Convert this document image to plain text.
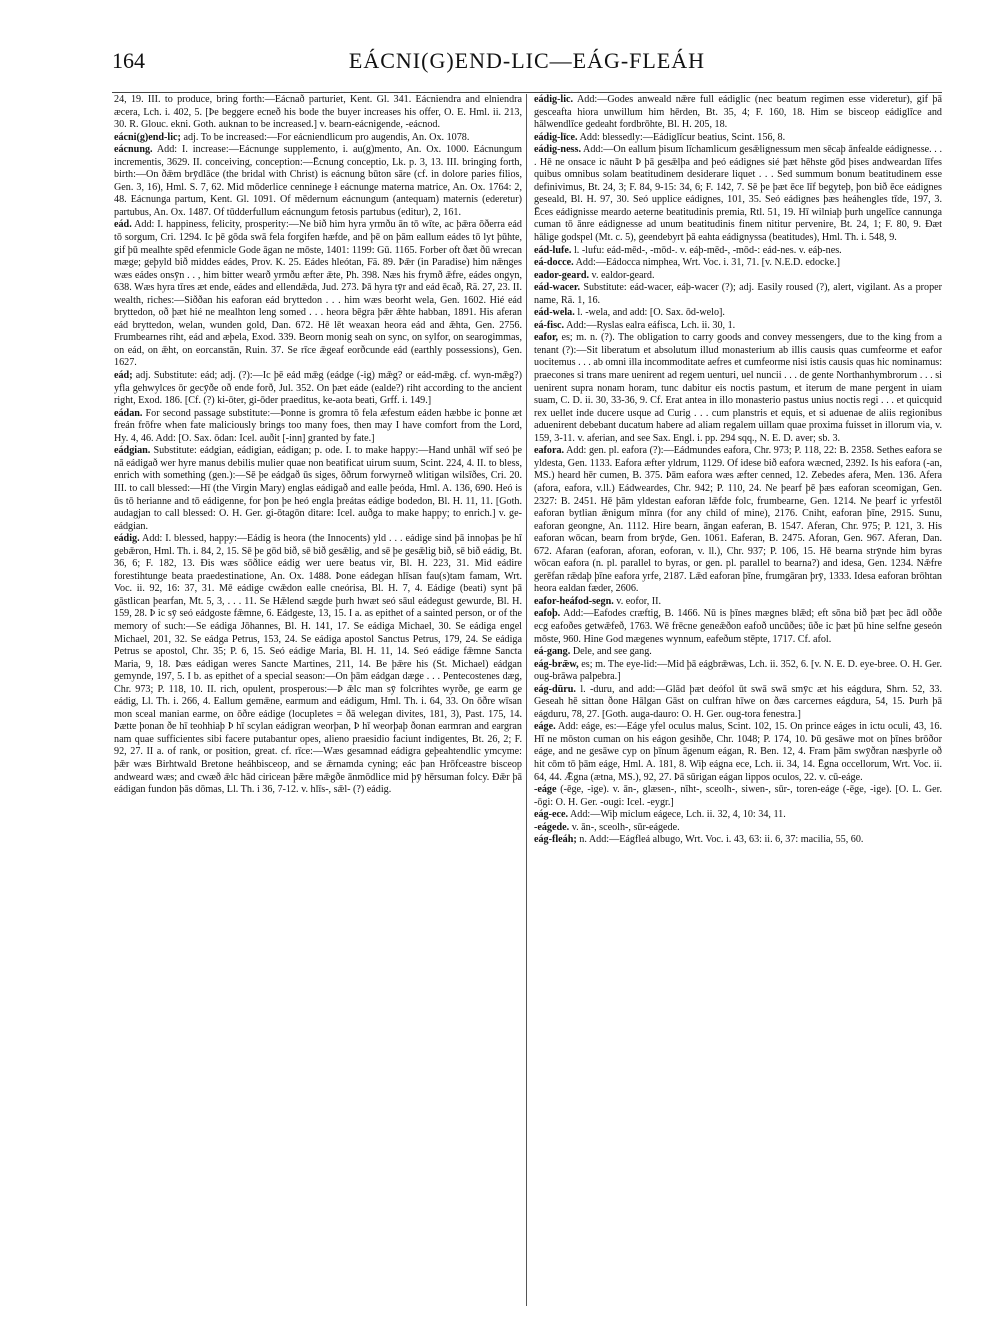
164	EÁCNI(G)END-LIC—EÁG-FLEÁH

24, 19. III. to produce, bring forth:—Eácnað parturiet, Kent. Gl. 341. Eácniendra and elniendra æcera, Lch. i. 402, 5. [Þe beggere ecneð his bode the buyer increases his offer, O. E. Hml. ii. 213, 30. R. Glouc. ekni. Goth. auknan to be increased.] v. bearn-eácnigende, -eácnod.

eácni(g)end-lic; adj. To be increased:—For eácniendlicum pro augendis, An. Ox. 1078.

eácnung. Add: I. increase:—Eácnunge supplemento, i. au(g)mento, An. Ox. 1000. Eácnungum incrementis, 3629. II. conceiving, conception:—Ēcnung conceptio, Lk. p. 3, 13. III. bringing forth, birth:—On ðǣm brȳdlāce (the bridal with Christ) is eácnung būton sāre (cf. in dolore paries filios, Gen. 3, 16), Hml. S. 7, 62. Mid mōderlice cenninege ł eácnunge materna matrice, An. Ox. 1764: 2, 48. Eácnunga partum, Kent. Gl. 1091. Of mēdernum eácnungum (antequam) maternis (ederetur) partubus, An. Ox. 1487. Of tūdderfullum eácnungum fetosis partubus (editur), 2, 161.

eád. Add: I. happiness, felicity, prosperity:—Ne bið him hyra yrmðu ān tō wīte, ac þǣra ōðerra eád tō sorgum, Cri. 1294. Ic þē gōda swā fela forgifen hæfde, and þē on þām eallum eádes tō lyt þūhte, gif þū mealhte spēd efenmicle Gode āgan ne mōste, 1401: 1199: Gū. 1165. Forber oft ðæt ðū wrecan mæge; geþyld bið middes eádes, Prov. K. 25. Eádes hleótan, Fä. 89. Þǣr (in Paradise) him nǣnges wæs eádes onsȳn . . , him bitter wearð yrmðu æfter ǣte, Ph. 398. Næs his frymð ǣfre, eádes ongyn, 638. Wæs hyra tīres æt ende, eádes and ellendǣda, Jud. 273. Þā hyra tȳr and eád ēcað, Rä. 27, 23. II. wealth, riches:—Siððan his eaforan eád bryttedon . . . him wæs beorht wela, Gen. 1602. Hié eád bryttedon, oð þæt hié ne mealhton leng somed . . . heora bēgra þǣr ǣhte habban, 1891. His aferan eád bryttedon, welan, wunden gold, Dan. 672. Hē lēt weaxan heora eád and ǣhta, Gen. 2756. Frumbearnes riht, eád and æþela, Exod. 339. Beorn monig seah on sync, on sylfor, on searogimmas, on eád, on ǣht, on eorcanstān, Ruin. 37. Se rīce ǣgeaf eorðcunde eád (earthly possessions), Gen. 1627.

eád; adj. Substitute: eád; adj. (?):—Ic þē eád mǣg (eádge (-ig) mǣg? or eád-mǣg. cf. wyn-mǣg?) yfla gehwylces ōr gecȳðe oð ende forð, Jul. 352. On þæt eáde (ealde?) riht according to the ancient right, Exod. 186. [Cf. (?) ki-ōter, gi-ōder praeditus, ke-aota beati, Grff. i. 149.]

eádan. For second passage substitute:—Þonne is gromra tō fela æfestum eáden hæbbe ic þonne æt freán frōfre when fate maliciously brings too many foes, then may I have comfort from the Lord, Hy. 4, 46. Add: [O. Sax. ōdan: Icel. auðit [-inn] granted by fate.]

eádgian. Substitute: eádgian, eádigian, eádigan; p. ode. I. to make happy:—Hand unhāl wīf seó þe nā eádigað wer hyre manus debilis mulier quae non beatificat uirum suum, Scint. 224, 4. II. to bless, enrich with something (gen.):—Sē þe eádgað ūs siges, ōðrum forwyrneð wlitigan wilsīðes, Cri. 20. III. to call blessed:—Hī (the Virgin Mary) englas eádigað and ealle þeóda, Hml. A. 136, 690. Heó is ūs tō herianne and tō eádigenne, for þon þe heó engla þreátas eádige bodedon, Bl. H. 11, 11. [Goth. audagjan to call blessed: O. H. Ger. gi-ōtagōn ditare: Icel. auðga to make happy; to enrich.] v. ge-eádgian.

eádig. Add: I. blessed, happy:—Eádig is heora (the Innocents) yld . . . eádige sind þā innoþas þe hī gebǣron, Hml. Th. i. 84, 2, 15. Sē þe gōd bið, sē bið gesǣlig, and sē þe gesǣlig bið, sē bið eádig, Bt. 36, 6; F. 182, 13. Ðis wæs sōðlice eádig wer uere beatus vir, Bl. H. 223, 31. Mid eádire forestihtunge beata praedestinatione, An. Ox. 1488. Þone eádegan hlīsan fau(s)tam famam, Wrt. Voc. ii. 92, 16: 37, 31. Mē eádige cwǣdon ealle cneórisa, Bl. H. 7, 4. Eádige (beati) synt þā gāstlican þearfan, Mt. 5, 3, . . . 11. Se Hǣlend sægde þurh hwæt seó sāul eádegust gewurde, Bl. H. 159, 28. Þ ic sȳ seó eádgoste fǣmne, 6. Eádgeste, 13, 15. I a. as epithet of a sainted person, or of the memory of such:—Se eádiga Jōhannes, Bl. H. 141, 17. Se eádiga Michael, 30. Se eádiga engel Michael, 201, 32. Se eádga Petrus, 153, 24. Se eádiga apostol Sanctus Petrus, 179, 24. Se eádiga Petrus se apostol, Chr. 35; P. 6, 15. Seó eádige Maria, Bl. H. 11, 14. Seó eádige fǣmne Sancta Maria, 9, 18. Þæs eádigan weres Sancte Martines, 211, 14. Be þǣre his (St. Michael) eádgan gemynde, 197, 5. I b. as epithet of a special season:—On þām eádgan dæge . . . Pentecostenes dæg, Chr. 973; P. 118, 10. II. rich, opulent, prosperous:—Þ ǣlc man sȳ folcrihtes wyrðe, ge earm ge eádig, Ll. Th. i. 266, 4. Eallum gemǣne, earmum and eádigum, Hml. Th. i. 64, 33. On ōðre wīsan mon sceal manian earme, on ōðre eádige (locupletes = ðā welegan divites, 181, 3), Past. 175, 14. Þætte þonan ðe hī teohhiaþ Þ hī scylan eádigran weorþan, Þ hī weorþaþ ðonan earmran and eargran nam quae sufficientes sibi facere putabantur opes, alieno praesidio faciunt indigentes, Bt. 26, 2; F. 92, 27. II a. of rank, or position, great. cf. rīce:—Wæs gesamnad eádigra geþeahtendlic ymcyme: þǣr wæs Birhtwald Bretone heáhbisceop, and se ǣrnamda cyning; eác þan Hrōfceastre bisceop andweard wæs; and cwæð ǣlc hād ciricean þǣre mǣgðe ānmōdlice mid þȳ hērsuman folcy. Ðǣr þā eádigan fundon þās dōmas, Ll. Th. i 36, 7-12. v. hlīs-, sǣl- (?) eádig.

eádig-lic. Add:—Godes anweald nǣre full eádiglic (nec beatum regimen esse videretur), gif þā gesceafta hiora unwillum him hērden, Bt. 35, 4; F. 160, 18. Him se bisceop eádiglīce and hālwendlīce gedeaht fordbrōhte, Bl. H. 205, 18.

eádig-līce. Add: blessedly:—Eádiglīcur beatius, Scint. 156, 8.

eádig-ness. Add:—On eallum þisum līchamlicum gesǣlignessum men sēcaþ ānfealde eádignesse. . . . Hē ne onsace ic nāuht Þ þā gesǣlþa and þeó eádignes sié þæt hēhste gōd þises andweardan līfes quibus omnibus solam beatitudinem desiderare liquet . . . Sed summum bonum beatitudinem esse definivimus, Bt. 24, 3; F. 84, 9-15: 34, 6; F. 142, 7. Sē þe þæt ēce līf begyteþ, þon bið ēce eádignes geseald, Bl. H. 97, 30. Seó upplice eádignes, 101, 35. Seó eádignes þæs heáhengles tīde, 197, 3. Ēces eádignisse meardo aeterne beatitudinis premia, Rtl. 51, 19. Hī wilniaþ þurh ungelīce cannunga cuman tō ānre eádignesse ad unum beatitudinis finem nititur pervenire, Bt. 24, 1; F. 80, 9. Ðæt hālige godspel (Mt. c. 5), geendebyrt þā eahta eádignyssa (beatitudes), Hml. Th. i. 548, 9.

eád-lufe. l. -lufu: eád-mēd-, -mōd-. v. eáþ-mēd-, -mōd-: eád-nes. v. eáþ-nes.

eá-docce. Add:—Eádocca nimphea, Wrt. Voc. i. 31, 71. [v. N.E.D. edocke.]

eador-geard. v. ealdor-geard.

eád-wacer. Substitute: eád-wacer, eáþ-wacer (?); adj. Easily roused (?), alert, vigilant. As a proper name, Rä. 1, 16.

eád-wela. l. -wela, and add: [O. Sax. ōd-welo].

eá-fisc. Add:—Ryslas ealra eáfisca, Lch. ii. 30, 1.

eafor, es; m. n. (?). The obligation to carry goods and convey messengers, due to the king from a tenant (?):—Sit liberatum et absolutum illud monasterium ab illis causis quas cumfeorme et eafor uocitemus . . . ab omni illa incommoditate aefres et cumfeorme nisi istis causis quas hic nominamus: praecones si trans mare uenirent ad regem uenturi, uel nuncii . . . de gente Northanhymbrorum . . . si uenirent supra nonam horam, tunc dabitur eis noctis pastum, et iterum de mane pergent in uiam suam, C. D. ii. 30, 33-36, 9. Cf. Erat antea in illo monasterio pastus unius noctis regi . . . et quicquid rex uellet inde ducere usque ad Curig . . . cum planstris et equis, et si aduenae de aliis regionibus aduenirent debebant ducatum habere ad aliam regalem uillam quae proxima fuisset in illorum via, v. 159, 3-11. v. aferian, and see Sax. Engl. i. pp. 294 sqq., N. E. D. aver; sb. 3.

eafora. Add: gen. pl. eafora (?):—Eádmundes eafora, Chr. 973; P. 118, 22: B. 2358. Sethes eafora se yldesta, Gen. 1133. Eafora æfter yldrum, 1129. Of idese bið eafora wæcned, 2392. Is his eafora (-an, MS.) heard hēr cumen, B. 375. Þām eafora wæs æfter cenned, 12. Zebedes afera, Men. 136. Afera (afora, eafora, v.ll.) Eádweardes, Chr. 942; P. 110, 24. Ne þearf þē þæs eaforan sceomigan, Gen. 2327: B. 2451. Hē þām yldestan eaforan lǣfde folc, frumbearne, Gen. 1214. Ne þearf ic yrfestōl eaforan bytlian ǣnigum mīnra (for any child of mine), 2176. Cniht, eaforan þīne, 2915. Sunu, eaforan geongne, An. 1112. Hire bearn, āngan eaferan, B. 1547. Aferan, Chr. 975; P. 121, 3. His eaforan wōcan, bearn from brȳde, Gen. 1061. Eaferan, B. 2475. Aforan, Gen. 967. Aferan, Dan. 672. Afaran (eaforan, aforan, eoforan, v. ll.), Chr. 937; P. 106, 15. Hē bearna strȳnde him byras wōcan eafora (n. pl. parallel to byras, or gen. pl. parallel to bearna?) and idesa, Gen. 1234. Nǣfre gerēfan rǣdaþ þīne eafora yrfe, 2187. Lǣd eaforan þīne, frumgāran þrȳ, 1333. Idesa eaforan brōhtan heora ealdan fæder, 2606.

eafor-heáfod-segn. v. eofor, II.

eafoþ. Add:—Eafodes cræftig, B. 1466. Nū is þīnes mægnes blǣd; eft sōna bið þæt þec ādl oððe ecg eafoðes getwǣfeð, 1763. Wē frēcne geneǣðon eafoð uncūðes; ūðe ic þæt þū hine selfne geseón mōste, 960. Hine God mægenes wynnum, eafeðum stēpte, 1717. Cf. afol.

eá-gang. Dele, and see gang.

eág-brǣw, es; m. The eye-lid:—Mid þā eágbrǣwas, Lch. ii. 352, 6. [v. N. E. D. eye-bree. O. H. Ger. oug-brāwa palpebra.]

eág-dūru. l. -duru, and add:—Glād þæt deófol ūt swā swā smȳc æt his eágdura, Shrn. 52, 33. Geseah hē sittan ðone Hālgan Gāst on culfran hīwe on ðæs carcernes eágdura, 54, 15. Þurh þā eágduru, 78, 27. [Goth. auga-dauro: O. H. Ger. oug-tora fenestra.]

eáge. Add: eáge, es:—Eáge yfel oculus malus, Scint. 102, 15. On prince eáges in ictu oculi, 43, 16. Hī ne mōston cuman on his eágon gesihðe, Chr. 1048; P. 174, 10. Þū gesāwe mot on þīnes brōðor eáge, and ne gesāwe cyp on þīnum āgenum eágan, R. Ben. 12, 4. Fram þām swȳðran næsþyrle oð hit cōm tō þām eáge, Hml. A. 181, 8. Wiþ eágna ece, Lch. ii. 34, 14. Ēgna occellorum, Wrt. Voc. ii. 64, 44. Ǣgna (ætna, MS.), 92, 27. Þā sūrigan eágan lippos oculos, 22. v. cū-eáge.

-eáge (-ēge, -ige). v. ān-, glæsen-, nīht-, sceolh-, siwen-, sūr-, toren-eáge (-ēge, -ige). [O. L. Ger. -ōgi: O. H. Ger. -ougi: Icel. -eygr.]

eág-ece. Add:—Wiþ miclum eágece, Lch. ii. 32, 4, 10: 34, 11.

-eágede. v. ān-, sceolh-, sūr-eágede.

eág-fleáh; n. Add:—Eágfleá albugo, Wrt. Voc. i. 43, 63: ii. 6, 37: macilia, 55, 60.
